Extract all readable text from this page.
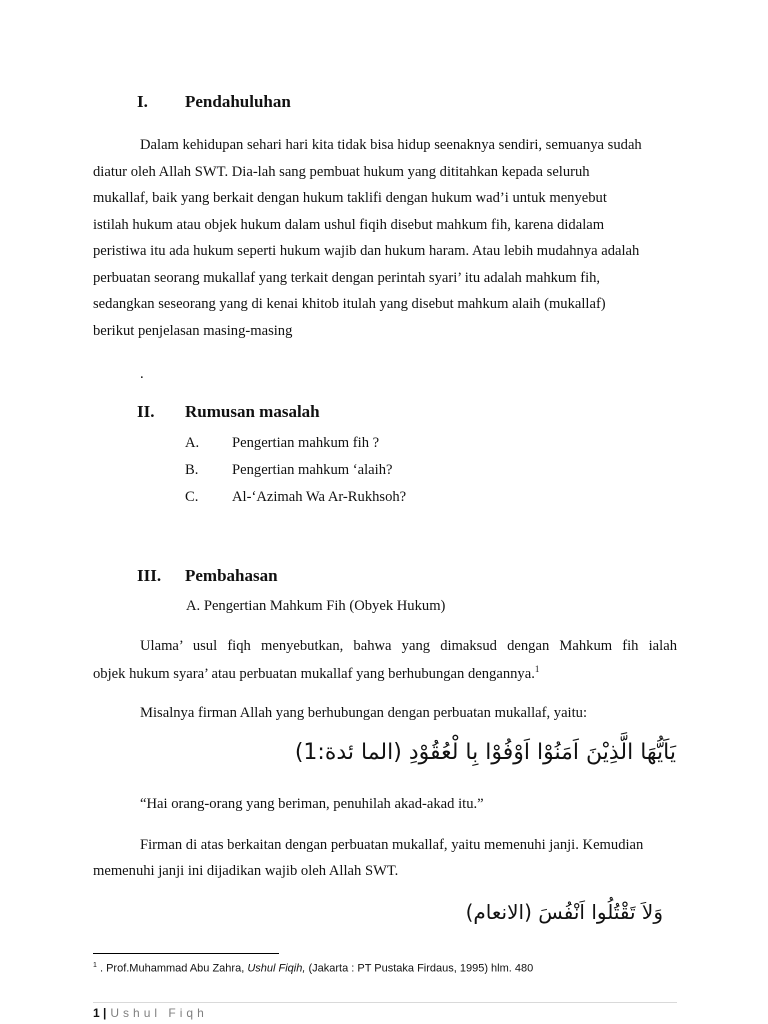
I. Pendahuluhan
Dalam kehidupan sehari hari kita tidak bisa hidup seenaknya sendiri, semuanya sudah
diatur oleh Allah SWT. Dia-lah sang pembuat hukum yang dititahkan kepada seluruh
mukallaf, baik yang berkait dengan hukum taklifi dengan hukum wad’i untuk menyebut
istilah hukum atau objek hukum dalam ushul fiqih disebut mahkum fih, karena didalam
peristiwa itu ada hukum seperti hukum wajib dan hukum haram. Atau lebih mudahnya adalah
perbuatan seorang mukallaf yang terkait dengan perintah syari’ itu adalah mahkum fih,
sedangkan seseorang yang di kenai khitob itulah yang disebut mahkum alaih (mukallaf)
berikut penjelasan masing-masing
.
II. Rumusan masalah
A. Pengertian mahkum fih ?
B. Pengertian mahkum ‘alaih?
C. Al-‘Azimah Wa Ar-Rukhsoh?
III. Pembahasan
A. Pengertian Mahkum Fih (Obyek Hukum)
Ulama’ usul fiqh menyebutkan, bahwa yang dimaksud dengan Mahkum fih ialah
objek hukum syara’ atau perbuatan mukallaf yang berhubungan dengannya.$^1$
Misalnya firman Allah yang berhubungan dengan perbuatan mukallaf, yaitu:
يَاَيُّهَا الَّذِيْنَ اَمَنُوْا اَوْفُوْا بِا لْعُقُوْدِ (الما ئدة:1)
“Hai orang-orang yang beriman, penuhilah akad-akad itu.”
Firman di atas berkaitan dengan perbuatan mukallaf, yaitu memenuhi janji. Kemudian
memenuhi janji ini dijadikan wajib oleh Allah SWT.
وَلاَ تَقْتُلُوا اَنْفُسَ (الانعام)
$^1$ . Prof.Muhammad Abu Zahra, Ushul Fiqih, (Jakarta : PT Pustaka Firdaus, 1995) hlm. 480
1 | Ushul Fiqh
